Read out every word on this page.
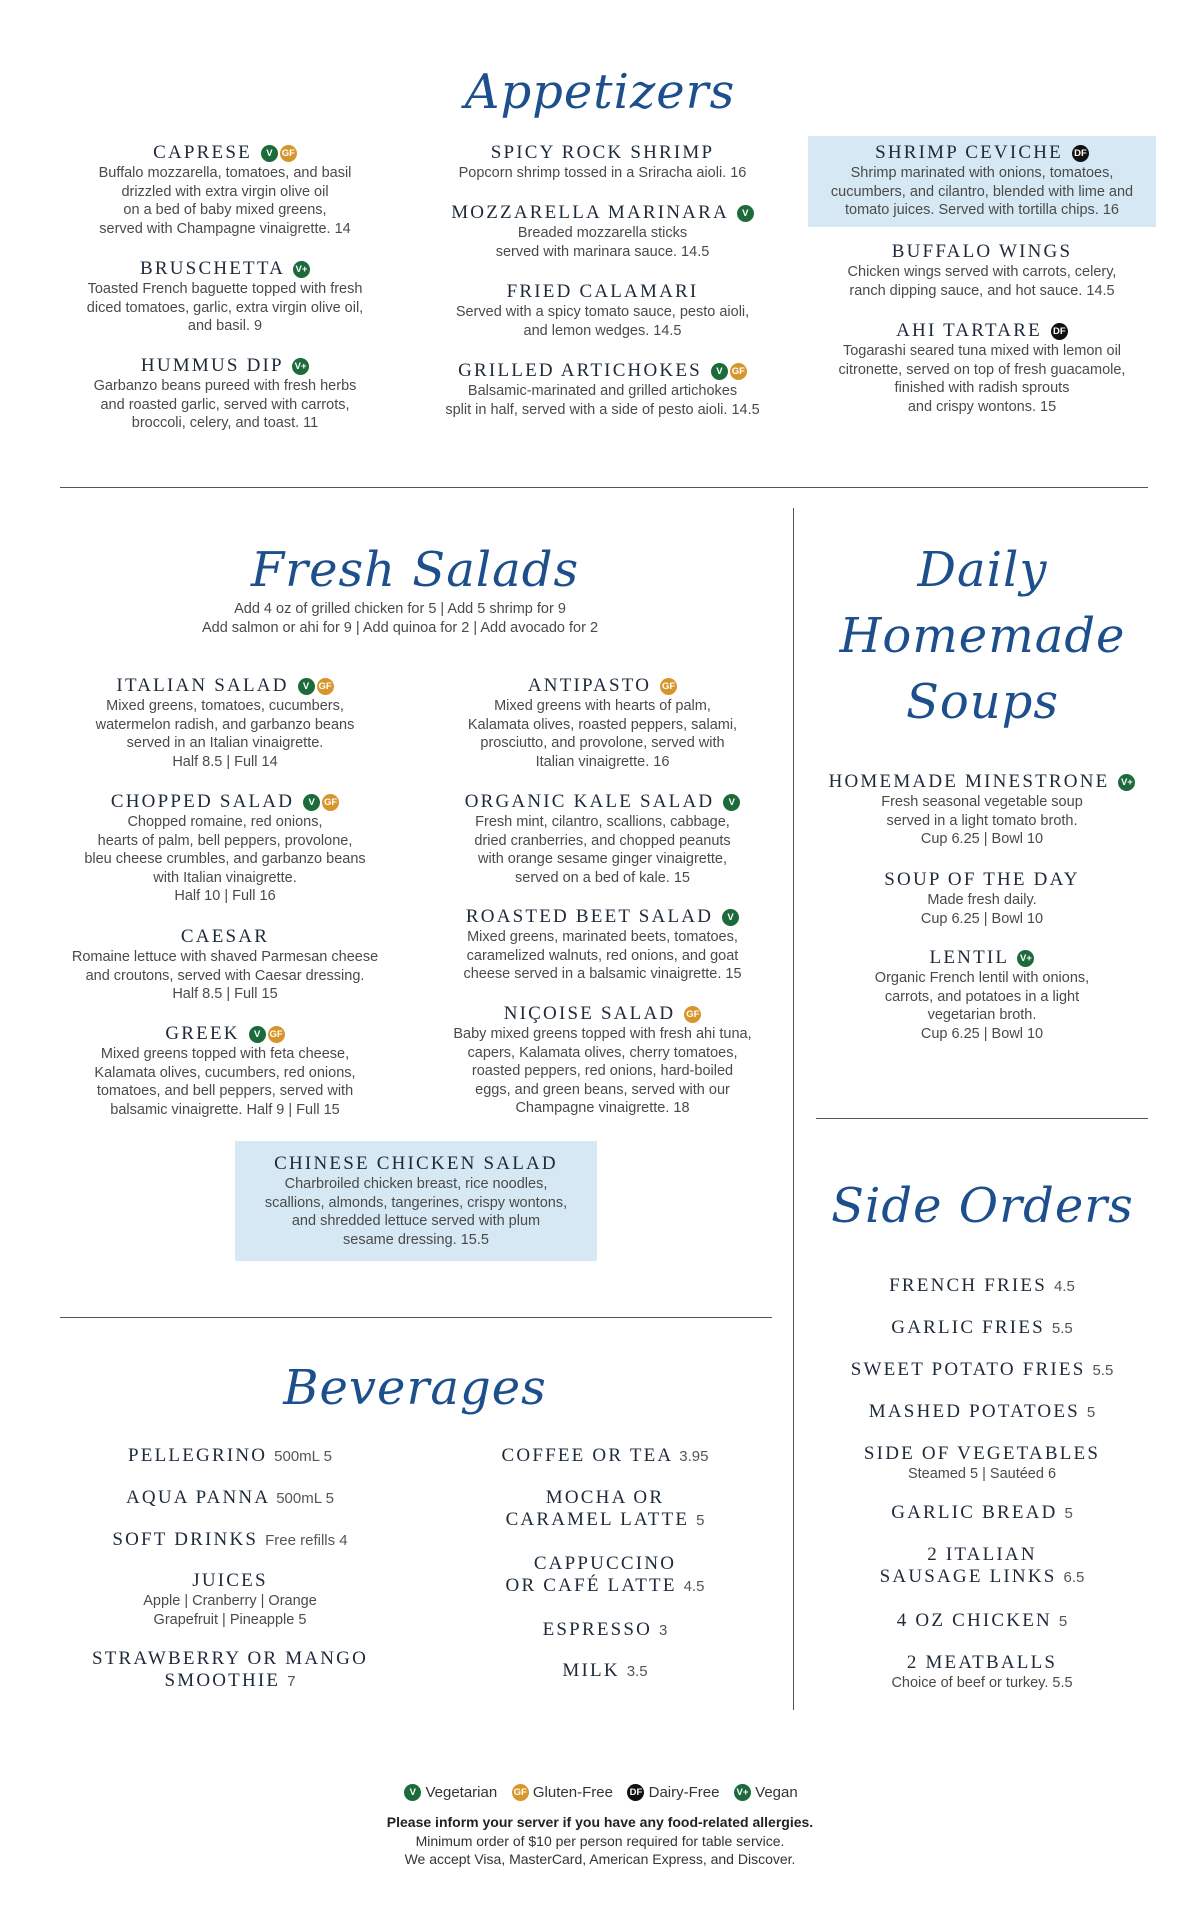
Appetizers
Fresh Salads	Daily
Homemade
Soups
Side Orders
Beverages
Add 4 oz of grilled chicken for 5 | Add 5 shrimp for 9
Add salmon or ahi for 9 | Add quinoa for 2 | Add avocado for 2
CAPRESE V GF
Buffalo mozzarella, tomatoes, and basil
drizzled with extra virgin olive oil
on a bed of baby mixed greens,
served with Champagne vinaigrette. 14
BRUSCHETTA V+
Toasted French baguette topped with fresh
diced tomatoes, garlic, extra virgin olive oil,
and basil. 9
HUMMUS DIP V+
Garbanzo beans pureed with fresh herbs
and roasted garlic, served with carrots,
broccoli, celery, and toast. 11
SPICY ROCK SHRIMP
Popcorn shrimp tossed in a Sriracha aioli. 16
MOZZARELLA MARINARA V
Breaded mozzarella sticks
served with marinara sauce. 14.5
FRIED CALAMARI
Served with a spicy tomato sauce, pesto aioli,
and lemon wedges. 14.5
GRILLED ARTICHOKES V GF
Balsamic-marinated and grilled artichokes
split in half, served with a side of pesto aioli. 14.5
SHRIMP CEVICHE DF
Shrimp marinated with onions, tomatoes,
cucumbers, and cilantro, blended with lime and
tomato juices. Served with tortilla chips. 16
BUFFALO WINGS
Chicken wings served with carrots, celery,
ranch dipping sauce, and hot sauce. 14.5
AHI TARTARE DF
Togarashi seared tuna mixed with lemon oil
citronette, served on top of fresh guacamole,
finished with radish sprouts
and crispy wontons. 15
ITALIAN SALAD V GF
Mixed greens, tomatoes, cucumbers,
watermelon radish, and garbanzo beans
served in an Italian vinaigrette.
Half 8.5 | Full 14
CHOPPED SALAD V GF
Chopped romaine, red onions,
hearts of palm, bell peppers, provolone,
bleu cheese crumbles, and garbanzo beans
with Italian vinaigrette.
Half 10 | Full 16
CAESAR
Romaine lettuce with shaved Parmesan cheese
and croutons, served with Caesar dressing.
Half 8.5 | Full 15
GREEK V GF
Mixed greens topped with feta cheese,
Kalamata olives, cucumbers, red onions,
tomatoes, and bell peppers, served with
balsamic vinaigrette. Half 9 | Full 15
ANTIPASTO GF
Mixed greens with hearts of palm,
Kalamata olives, roasted peppers, salami,
prosciutto, and provolone, served with
Italian vinaigrette. 16
ORGANIC KALE SALAD V
Fresh mint, cilantro, scallions, cabbage,
dried cranberries, and chopped peanuts
with orange sesame ginger vinaigrette,
served on a bed of kale. 15
ROASTED BEET SALAD V
Mixed greens, marinated beets, tomatoes,
caramelized walnuts, red onions, and goat
cheese served in a balsamic vinaigrette. 15
NIÇOISE SALAD GF
Baby mixed greens topped with fresh ahi tuna,
capers, Kalamata olives, cherry tomatoes,
roasted peppers, red onions, hard-boiled
eggs, and green beans, served with our
Champagne vinaigrette. 18
CHINESE CHICKEN SALAD
Charbroiled chicken breast, rice noodles,
scallions, almonds, tangerines, crispy wontons,
and shredded lettuce served with plum
sesame dressing. 15.5
HOMEMADE MINESTRONE V+
Fresh seasonal vegetable soup
served in a light tomato broth.
Cup 6.25 | Bowl 10
SOUP OF THE DAY
Made fresh daily.
Cup 6.25 | Bowl 10
LENTIL V+
Organic French lentil with onions,
carrots, and potatoes in a light
vegetarian broth.
Cup 6.25 | Bowl 10
PELLEGRINO 500mL 5
AQUA PANNA 500mL 5
SOFT DRINKS Free refills 4
JUICES
Apple | Cranberry | Orange
Grapefruit | Pineapple 5
STRAWBERRY OR MANGO
SMOOTHIE 7
COFFEE OR TEA 3.95
MOCHA OR
CARAMEL LATTE 5
CAPPUCCINO
OR CAFÉ LATTE 4.5
ESPRESSO 3
MILK 3.5
FRENCH FRIES 4.5
GARLIC FRIES 5.5
SWEET POTATO FRIES 5.5
MASHED POTATOES 5
SIDE OF VEGETABLES
Steamed 5 | Sautéed 6
GARLIC BREAD 5
2 ITALIAN
SAUSAGE LINKS 6.5
4 OZ CHICKEN 5
2 MEATBALLS
Choice of beef or turkey. 5.5
V Vegetarian GF Gluten-Free DF Dairy-Free V+ Vegan
Please inform your server if you have any food-related allergies.
Minimum order of $10 per person required for table service.
We accept Visa, MasterCard, American Express, and Discover.
